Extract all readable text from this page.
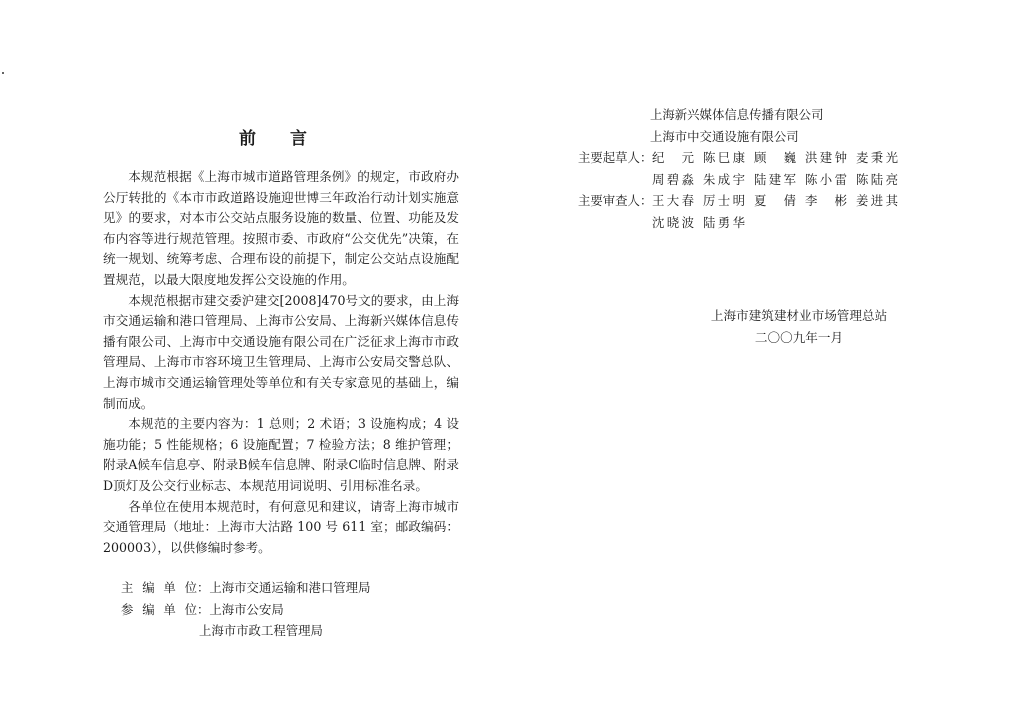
前 言

本规范根据《上海市城市道路管理条例》的规定，市政府办公厅转批的《本市市政道路设施迎世博三年政治行动计划实施意见》的要求，对本市公交站点服务设施的数量、位置、功能及发布内容等进行规范管理。按照市委、市政府“公交优先”决策，在统一规划、统筹考虑、合理布设的前提下，制定公交站点设施配置规范，以最大限度地发挥公交设施的作用。

本规范根据市建交委沪建交[2008]470号文的要求，由上海市交通运输和港口管理局、上海市公安局、上海新兴媒体信息传播有限公司、上海市中交通设施有限公司在广泛征求上海市市政管理局、上海市市容环境卫生管理局、上海市公安局交警总队、上海市城市交通运输管理处等单位和有关专家意见的基础上，编制而成。

本规范的主要内容为：1 总则；2 术语；3 设施构成；4 设施功能；5 性能规格；6 设施配置；7 检验方法；8 维护管理；附录A候车信息亭、附录B候车信息牌、附录C临时信息牌、附录D顶灯及公交行业标志、本规范用词说明、引用标准名录。

各单位在使用本规范时，有何意见和建议，请寄上海市城市交通管理局（地址：上海市大沽路 100 号 611 室；邮政编码：200003），以供修编时参考。

主编单位：上海市交通运输和港口管理局
参编单位：上海市公安局
上海市市政工程管理局
上海新兴媒体信息传播有限公司
上海市中交通设施有限公司
主要起草人： 纪元 陈巳康 顾巍 洪建钟 麦秉光
周碧淼 朱成宇 陆建军 陈小雷 陈陆亮
主要审查人： 王大春 厉士明 夏倩 李彬 姜进其
沈晓波 陆勇华
上海市建筑建材业市场管理总站
二〇〇九年一月
